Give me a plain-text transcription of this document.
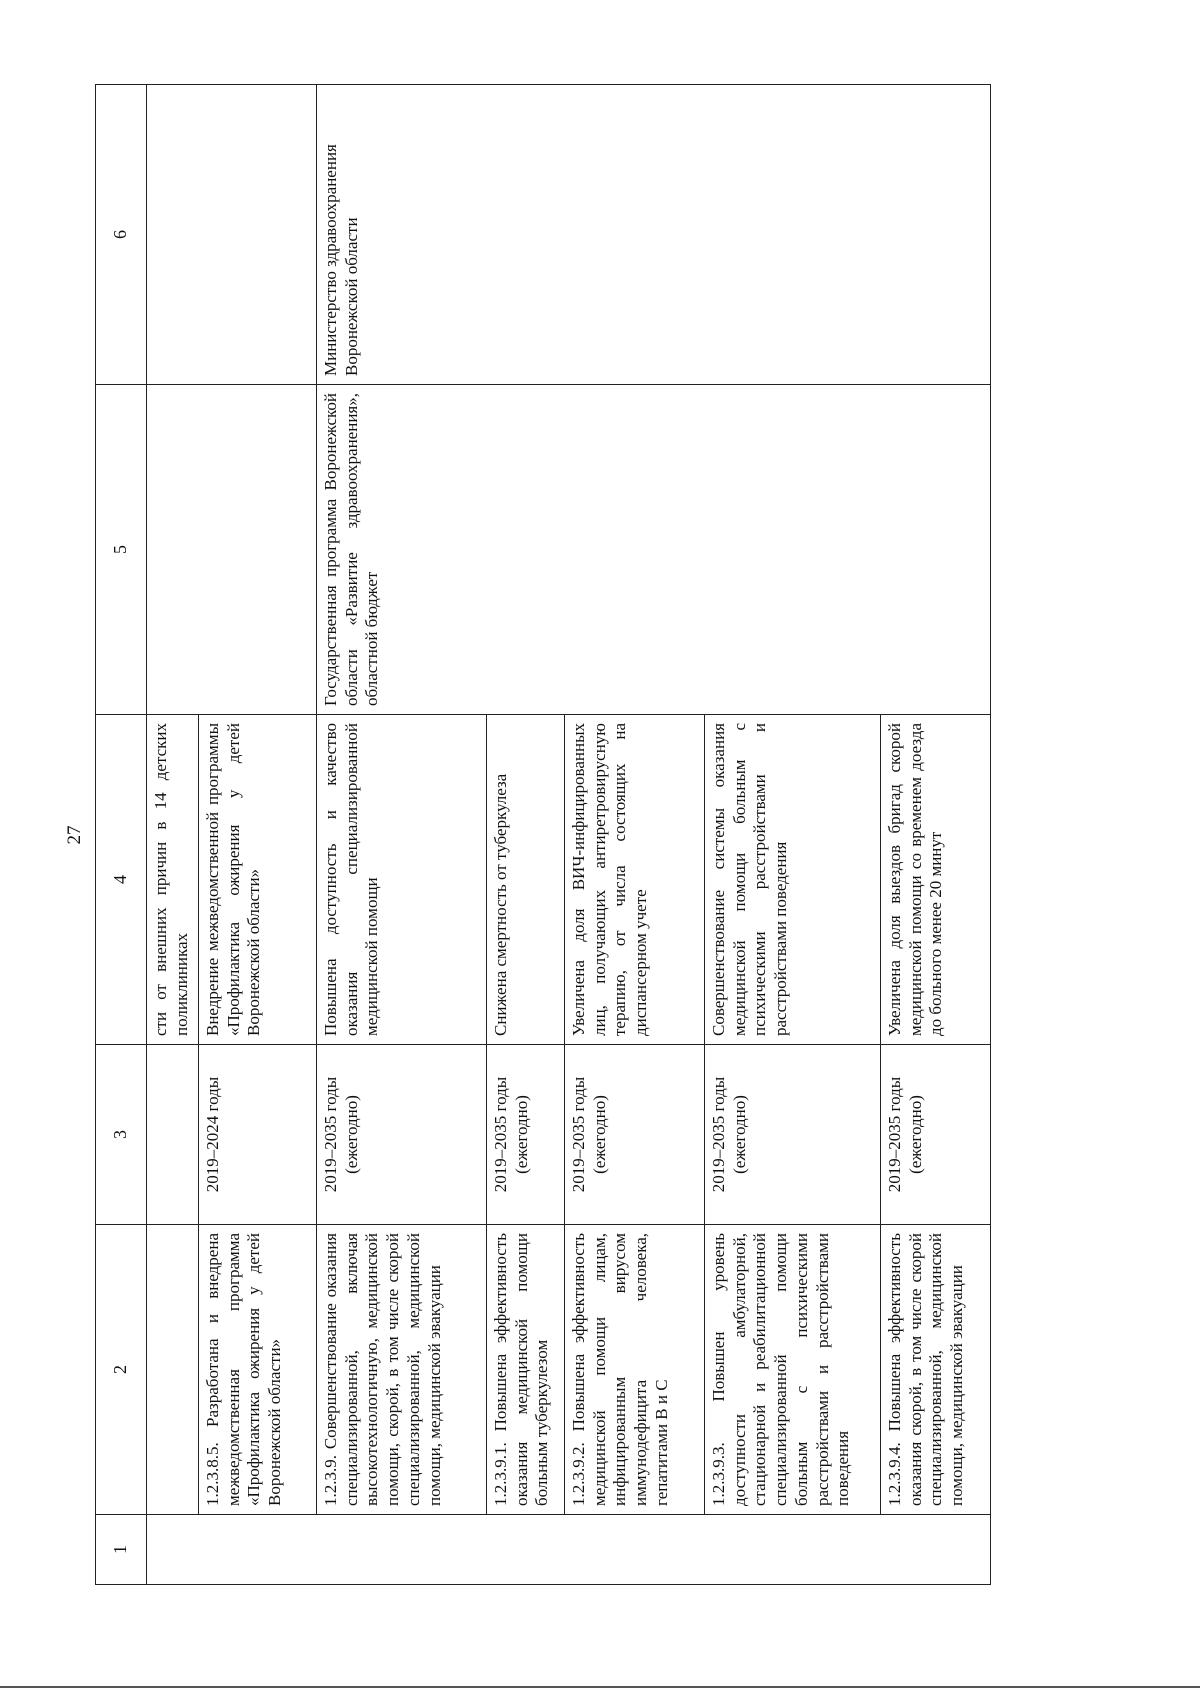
27
1	2	3	4	5	6
			сти от внешних причин в 14 детских поликлиниках		
	1.2.3.8.5. Разработана и внедрена межведомственная программа «Профилактика ожирения у детей Воронежской области»	2019–2024 годы	Внедрение межведомственной программы «Профилактика ожирения у детей Воронежской области»		
	1.2.3.9. Совершенствование оказания специализированной, включая высокотехнологичную, медицинской помощи, скорой, в том числе скорой специализированной, медицинской помощи, медицинской эвакуации	2019–2035 годы (ежегодно)	Повышена доступность и качество оказания специализированной медицинской помощи	Государственная программа Воронежской области «Развитие здравоохранения», областной бюджет	Министерство здравоохранения Воронежской области
	1.2.3.9.1. Повышена эффективность оказания медицинской помощи больным туберкулезом	2019–2035 годы (ежегодно)	Снижена смертность от туберкулеза		
	1.2.3.9.2. Повышена эффективность медицинской помощи лицам, инфицированным вирусом иммунодефицита человека, гепатитами В и С	2019–2035 годы (ежегодно)	Увеличена доля ВИЧ-инфицированных лиц, получающих антиретровирусную терапию, от числа состоящих на диспансерном учете		
	1.2.3.9.3. Повышен уровень доступности амбулаторной, стационарной и реабилитационной специализированной помощи больным с психическими расстройствами и расстройствами поведения	2019–2035 годы (ежегодно)	Совершенствование системы оказания медицинской помощи больным с психическими расстройствами и расстройствами поведения		
	1.2.3.9.4. Повышена эффективность оказания скорой, в том числе скорой специализированной, медицинской помощи, медицинской эвакуации	2019–2035 годы (ежегодно)	Увеличена доля выездов бригад скорой медицинской помощи со временем доезда до больного менее 20 минут		
